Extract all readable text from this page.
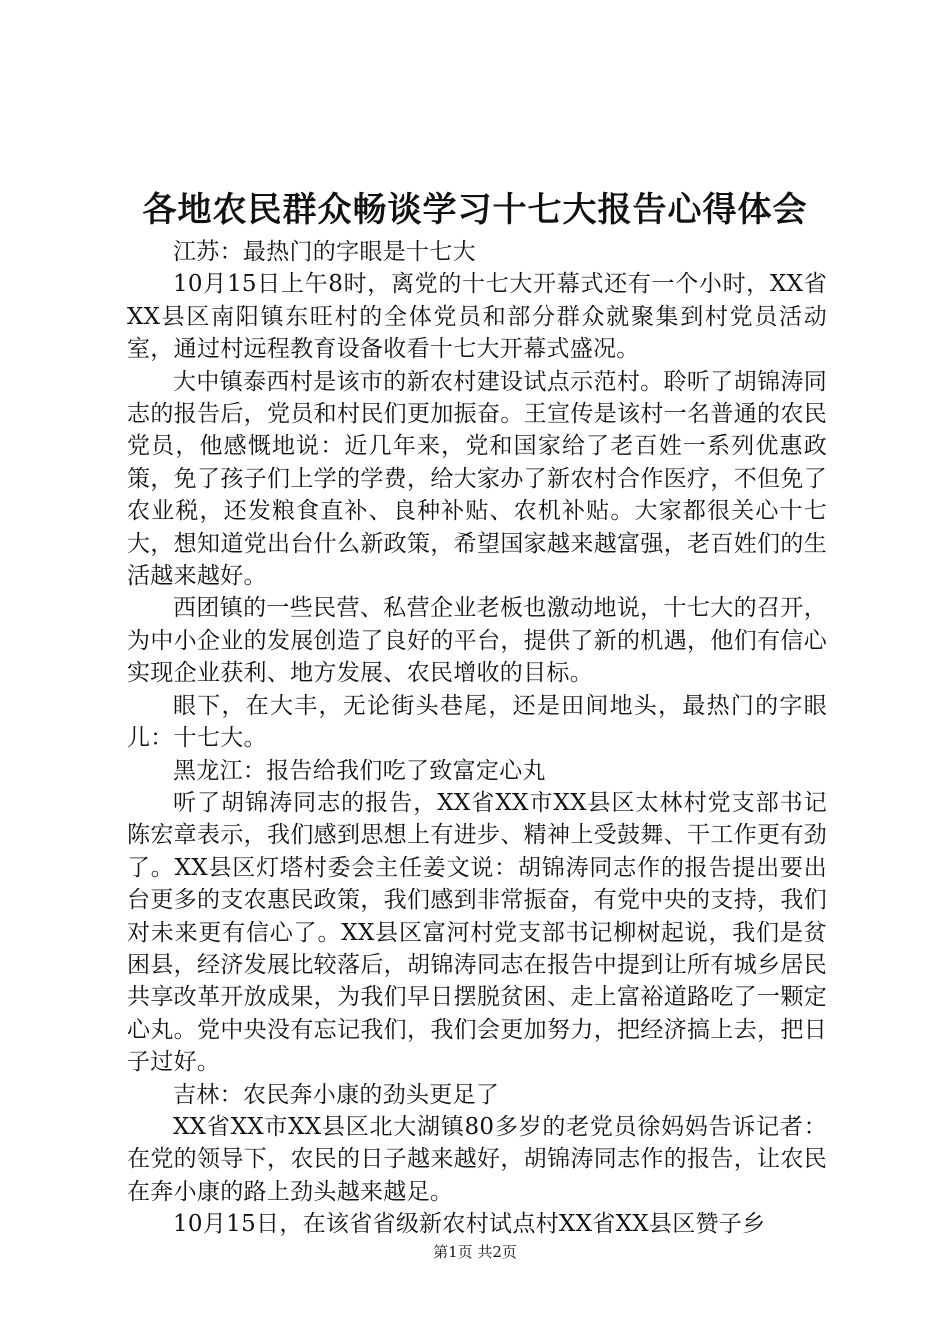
各地农民群众畅谈学习十七大报告心得体会

江苏：最热门的字眼是十七大

10月15日上午8时，离党的十七大开幕式还有一个小时，XX省XX县区南阳镇东旺村的全体党员和部分群众就聚集到村党员活动室，通过村远程教育设备收看十七大开幕式盛况。

大中镇泰西村是该市的新农村建设试点示范村。聆听了胡锦涛同志的报告后，党员和村民们更加振奋。王宣传是该村一名普通的农民党员，他感慨地说：近几年来，党和国家给了老百姓一系列优惠政策，免了孩子们上学的学费，给大家办了新农村合作医疗，不但免了农业税，还发粮食直补、良种补贴、农机补贴。大家都很关心十七大，想知道党出台什么新政策，希望国家越来越富强，老百姓们的生活越来越好。

西团镇的一些民营、私营企业老板也激动地说，十七大的召开，为中小企业的发展创造了良好的平台，提供了新的机遇，他们有信心实现企业获利、地方发展、农民增收的目标。

眼下，在大丰，无论街头巷尾，还是田间地头，最热门的字眼儿：十七大。

黑龙江：报告给我们吃了致富定心丸

听了胡锦涛同志的报告，XX省XX市XX县区太林村党支部书记陈宏章表示，我们感到思想上有进步、精神上受鼓舞、干工作更有劲了。XX县区灯塔村委会主任姜文说：胡锦涛同志作的报告提出要出台更多的支农惠民政策，我们感到非常振奋，有党中央的支持，我们对未来更有信心了。XX县区富河村党支部书记柳树起说，我们是贫困县，经济发展比较落后，胡锦涛同志在报告中提到让所有城乡居民共享改革开放成果，为我们早日摆脱贫困、走上富裕道路吃了一颗定心丸。党中央没有忘记我们，我们会更加努力，把经济搞上去，把日子过好。

吉林：农民奔小康的劲头更足了

XX省XX市XX县区北大湖镇80多岁的老党员徐妈妈告诉记者：在党的领导下，农民的日子越来越好，胡锦涛同志作的报告，让农民在奔小康的路上劲头越来越足。

10月15日，在该省省级新农村试点村XX省XX县区赞子乡

第1页 共2页
